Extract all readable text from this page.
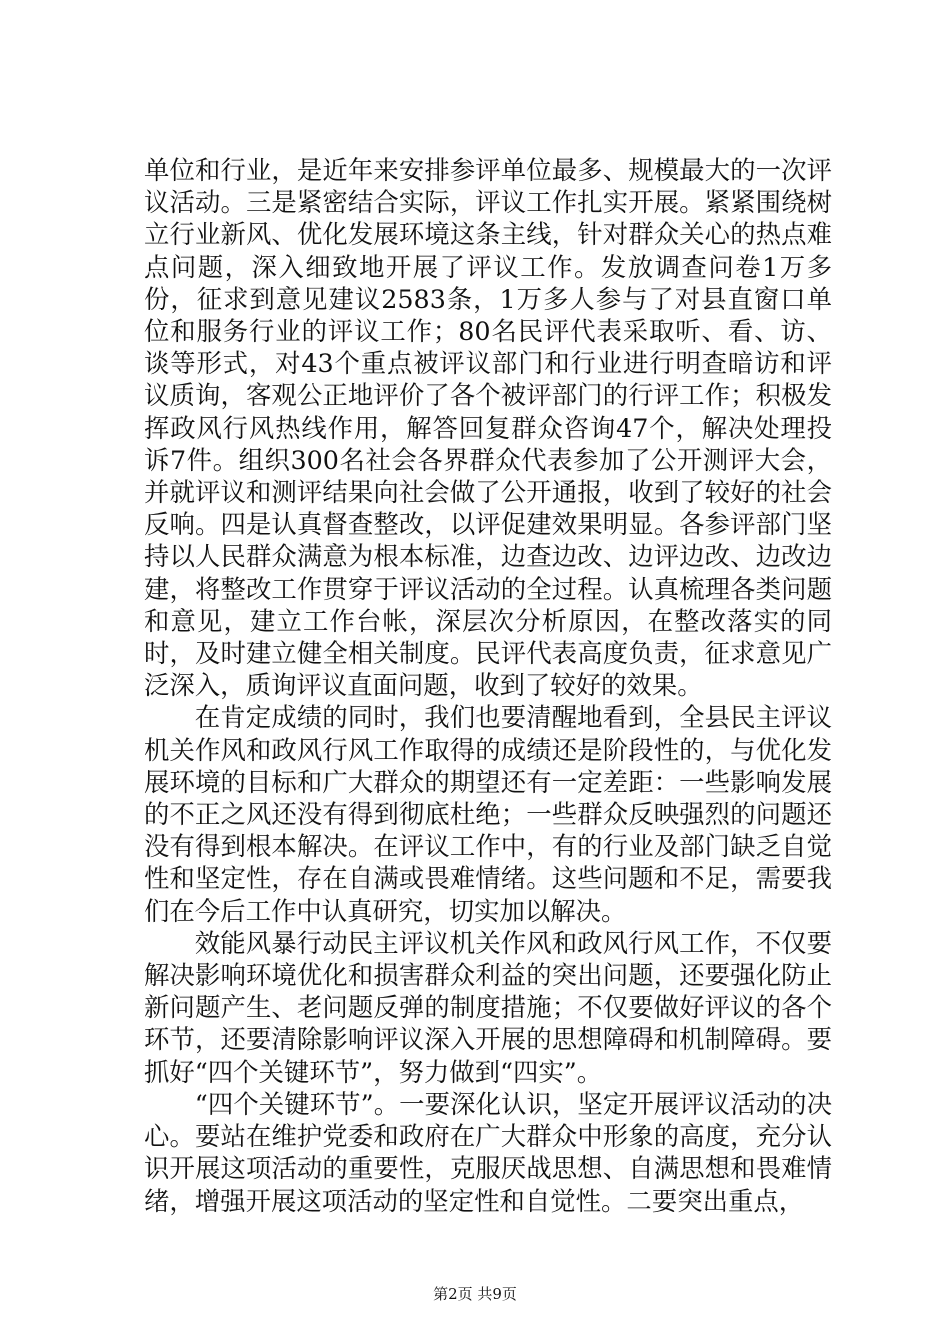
单位和行业，是近年来安排参评单位最多、规模最大的一次评议活动。三是紧密结合实际，评议工作扎实开展。紧紧围绕树立行业新风、优化发展环境这条主线，针对群众关心的热点难点问题，深入细致地开展了评议工作。发放调查问卷1万多份，征求到意见建议2583条，1万多人参与了对县直窗口单位和服务行业的评议工作；80名民评代表采取听、看、访、谈等形式，对43个重点被评议部门和行业进行明查暗访和评议质询，客观公正地评价了各个被评部门的行评工作；积极发挥政风行风热线作用，解答回复群众咨询47个，解决处理投诉7件。组织300名社会各界群众代表参加了公开测评大会，并就评议和测评结果向社会做了公开通报，收到了较好的社会反响。四是认真督查整改，以评促建效果明显。各参评部门坚持以人民群众满意为根本标准，边查边改、边评边改、边改边建，将整改工作贯穿于评议活动的全过程。认真梳理各类问题和意见，建立工作台帐，深层次分析原因，在整改落实的同时，及时建立健全相关制度。民评代表高度负责，征求意见广泛深入，质询评议直面问题，收到了较好的效果。

在肯定成绩的同时，我们也要清醒地看到，全县民主评议机关作风和政风行风工作取得的成绩还是阶段性的，与优化发展环境的目标和广大群众的期望还有一定差距：一些影响发展的不正之风还没有得到彻底杜绝；一些群众反映强烈的问题还没有得到根本解决。在评议工作中，有的行业及部门缺乏自觉性和坚定性，存在自满或畏难情绪。这些问题和不足，需要我们在今后工作中认真研究，切实加以解决。

效能风暴行动民主评议机关作风和政风行风工作，不仅要解决影响环境优化和损害群众利益的突出问题，还要强化防止新问题产生、老问题反弹的制度措施；不仅要做好评议的各个环节，还要清除影响评议深入开展的思想障碍和机制障碍。要抓好“四个关键环节”，努力做到“四实”。

“四个关键环节”。一要深化认识，坚定开展评议活动的决心。要站在维护党委和政府在广大群众中形象的高度，充分认识开展这项活动的重要性，克服厌战思想、自满思想和畏难情绪，增强开展这项活动的坚定性和自觉性。二要突出重点，

第2页 共9页
